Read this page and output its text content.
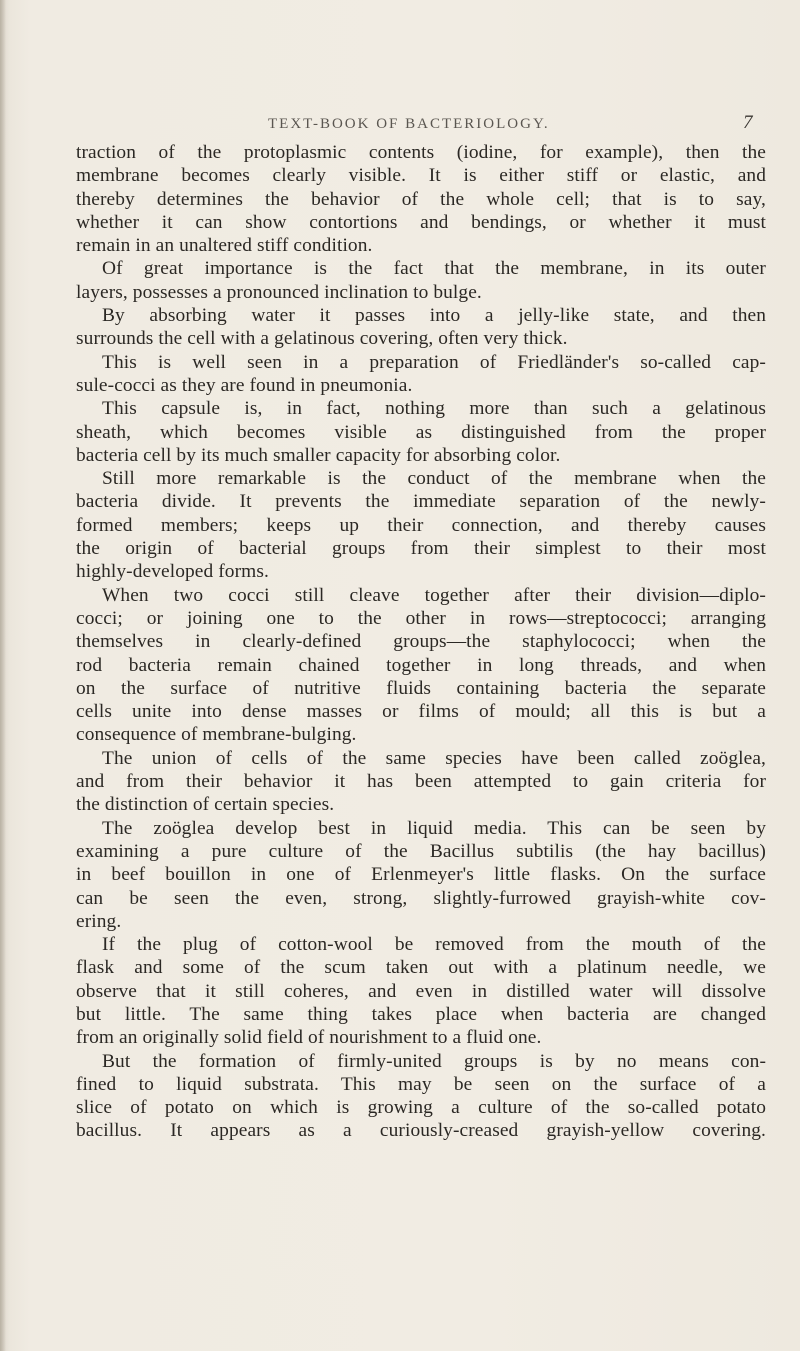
TEXT-BOOK OF BACTERIOLOGY.	7
traction of the protoplasmic contents (iodine, for example), then the
membrane becomes clearly visible. It is either stiff or elastic, and
thereby determines the behavior of the whole cell; that is to say,
whether it can show contortions and bendings, or whether it must
remain in an unaltered stiff condition.
Of great importance is the fact that the membrane, in its outer
layers, possesses a pronounced inclination to bulge.
By absorbing water it passes into a jelly-like state, and then
surrounds the cell with a gelatinous covering, often very thick.
This is well seen in a preparation of Friedländer's so-called cap-
sule-cocci as they are found in pneumonia.
This capsule is, in fact, nothing more than such a gelatinous
sheath, which becomes visible as distinguished from the proper
bacteria cell by its much smaller capacity for absorbing color.
Still more remarkable is the conduct of the membrane when the
bacteria divide. It prevents the immediate separation of the newly-
formed members; keeps up their connection, and thereby causes
the origin of bacterial groups from their simplest to their most
highly-developed forms.
When two cocci still cleave together after their division—diplo-
cocci; or joining one to the other in rows—streptococci; arranging
themselves in clearly-defined groups—the staphylococci; when the
rod bacteria remain chained together in long threads, and when
on the surface of nutritive fluids containing bacteria the separate
cells unite into dense masses or films of mould; all this is but a
consequence of membrane-bulging.
The union of cells of the same species have been called zoöglea,
and from their behavior it has been attempted to gain criteria for
the distinction of certain species.
The zoöglea develop best in liquid media. This can be seen by
examining a pure culture of the Bacillus subtilis (the hay bacillus)
in beef bouillon in one of Erlenmeyer's little flasks. On the surface
can be seen the even, strong, slightly-furrowed grayish-white cov-
ering.
If the plug of cotton-wool be removed from the mouth of the
flask and some of the scum taken out with a platinum needle, we
observe that it still coheres, and even in distilled water will dissolve
but little. The same thing takes place when bacteria are changed
from an originally solid field of nourishment to a fluid one.
But the formation of firmly-united groups is by no means con-
fined to liquid substrata. This may be seen on the surface of a
slice of potato on which is growing a culture of the so-called potato
bacillus. It appears as a curiously-creased grayish-yellow covering.
